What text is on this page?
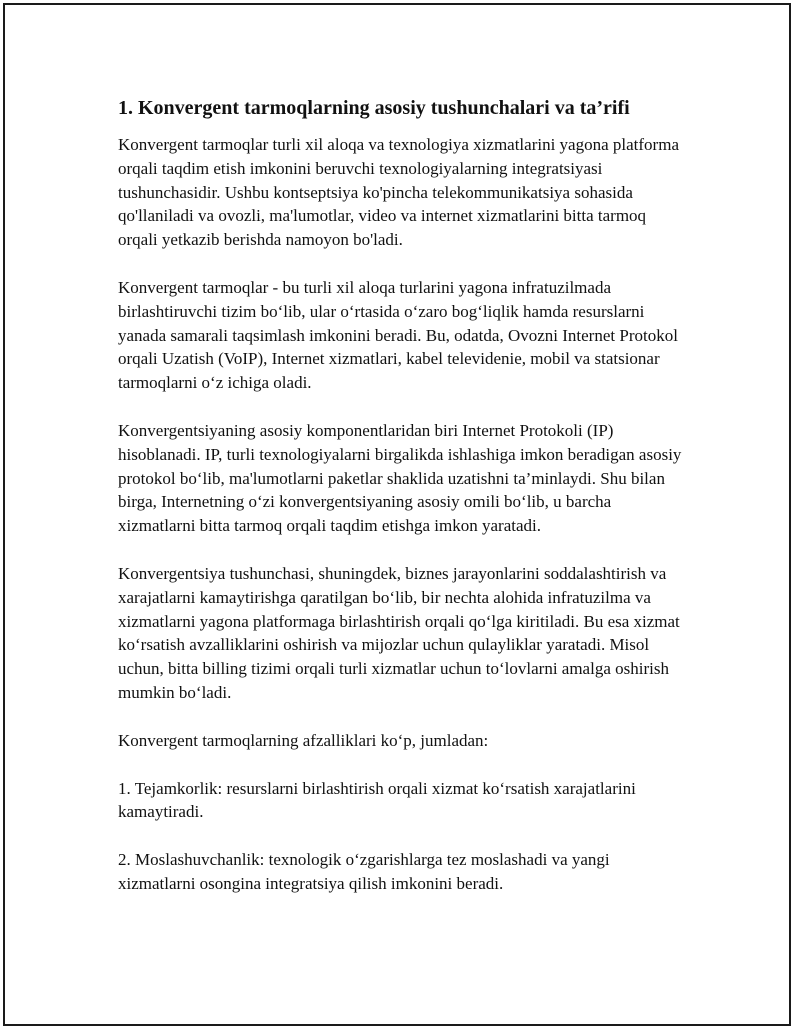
1. Konvergent tarmoqlarning asosiy tushunchalari va ta’rifi

Konvergent tarmoqlar turli xil aloqa va texnologiya xizmatlarini yagona platforma orqali taqdim etish imkonini beruvchi texnologiyalarning integratsiyasi tushunchasidir. Ushbu kontseptsiya ko'pincha telekommunikatsiya sohasida qo'llaniladi va ovozli, ma'lumotlar, video va internet xizmatlarini bitta tarmoq orqali yetkazib berishda namoyon bo'ladi.

Konvergent tarmoqlar - bu turli xil aloqa turlarini yagona infratuzilmada birlashtiruvchi tizim bo‘lib, ular o‘rtasida o‘zaro bog‘liqlik hamda resurslarni yanada samarali taqsimlash imkonini beradi. Bu, odatda, Ovozni Internet Protokol orqali Uzatish (VoIP), Internet xizmatlari, kabel televidenie, mobil va statsionar tarmoqlarni o‘z ichiga oladi.

Konvergentsiyaning asosiy komponentlaridan biri Internet Protokoli (IP) hisoblanadi. IP, turli texnologiyalarni birgalikda ishlashiga imkon beradigan asosiy protokol bo‘lib, ma'lumotlarni paketlar shaklida uzatishni ta’minlaydi. Shu bilan birga, Internetning o‘zi konvergentsiyaning asosiy omili bo‘lib, u barcha xizmatlarni bitta tarmoq orqali taqdim etishga imkon yaratadi.

Konvergentsiya tushunchasi, shuningdek, biznes jarayonlarini soddalashtirish va xarajatlarni kamaytirishga qaratilgan bo‘lib, bir nechta alohida infratuzilma va xizmatlarni yagona platformaga birlashtirish orqali qo‘lga kiritiladi. Bu esa xizmat ko‘rsatish avzalliklarini oshirish va mijozlar uchun qulayliklar yaratadi. Misol uchun, bitta billing tizimi orqali turli xizmatlar uchun to‘lovlarni amalga oshirish mumkin bo‘ladi.

Konvergent tarmoqlarning afzalliklari ko‘p, jumladan:

1. Tejamkorlik: resurslarni birlashtirish orqali xizmat ko‘rsatish xarajatlarini kamaytiradi.

2. Moslashuvchanlik: texnologik o‘zgarishlarga tez moslashadi va yangi xizmatlarni osongina integratsiya qilish imkonini beradi.
